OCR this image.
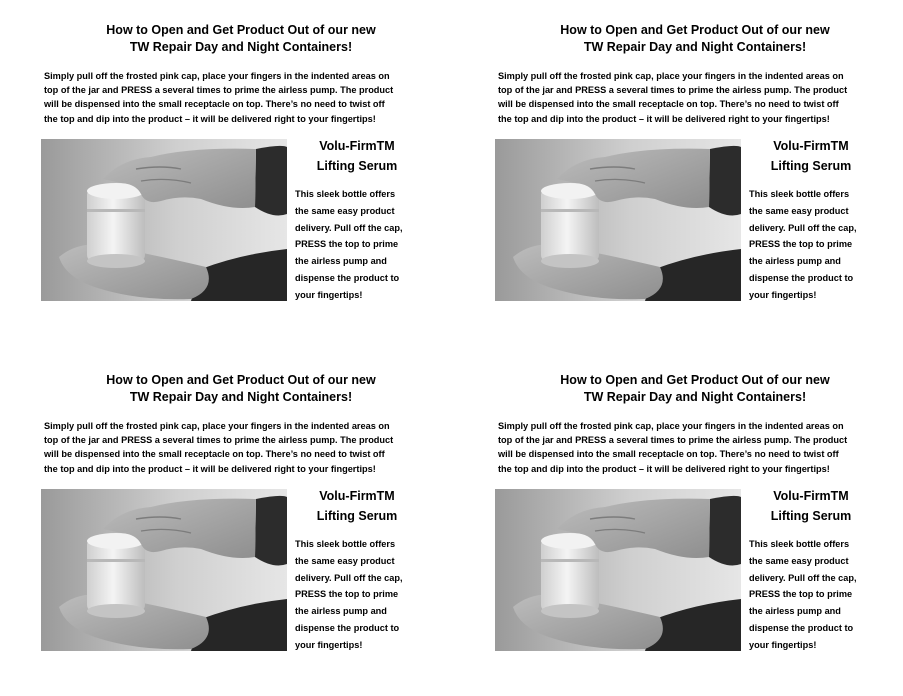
How to Open and Get Product Out of our new
TW Repair Day and Night Containers!
Simply pull off the frosted pink cap, place your fingers in the indented areas on
top of the jar and PRESS a several times to prime the airless pump. The product
will be dispensed into the small receptacle on top. There’s no need to twist off
the top and dip into the product – it will be delivered right to your fingertips!
Volu-FirmTM
Lifting Serum
This sleek bottle offers
the same easy product
delivery. Pull off the cap,
PRESS the top to prime
the airless pump and
dispense the product to
your fingertips!
How to Open and Get Product Out of our new
TW Repair Day and Night Containers!
Simply pull off the frosted pink cap, place your fingers in the indented areas on
top of the jar and PRESS a several times to prime the airless pump. The product
will be dispensed into the small receptacle on top. There’s no need to twist off
the top and dip into the product – it will be delivered right to your fingertips!
Volu-FirmTM
Lifting Serum
This sleek bottle offers
the same easy product
delivery. Pull off the cap,
PRESS the top to prime
the airless pump and
dispense the product to
your fingertips!
How to Open and Get Product Out of our new
TW Repair Day and Night Containers!
Simply pull off the frosted pink cap, place your fingers in the indented areas on
top of the jar and PRESS a several times to prime the airless pump. The product
will be dispensed into the small receptacle on top. There’s no need to twist off
the top and dip into the product – it will be delivered right to your fingertips!
Volu-FirmTM
Lifting Serum
This sleek bottle offers
the same easy product
delivery. Pull off the cap,
PRESS the top to prime
the airless pump and
dispense the product to
your fingertips!
How to Open and Get Product Out of our new
TW Repair Day and Night Containers!
Simply pull off the frosted pink cap, place your fingers in the indented areas on
top of the jar and PRESS a several times to prime the airless pump. The product
will be dispensed into the small receptacle on top. There’s no need to twist off
the top and dip into the product – it will be delivered right to your fingertips!
Volu-FirmTM
Lifting Serum
This sleek bottle offers
the same easy product
delivery. Pull off the cap,
PRESS the top to prime
the airless pump and
dispense the product to
your fingertips!
